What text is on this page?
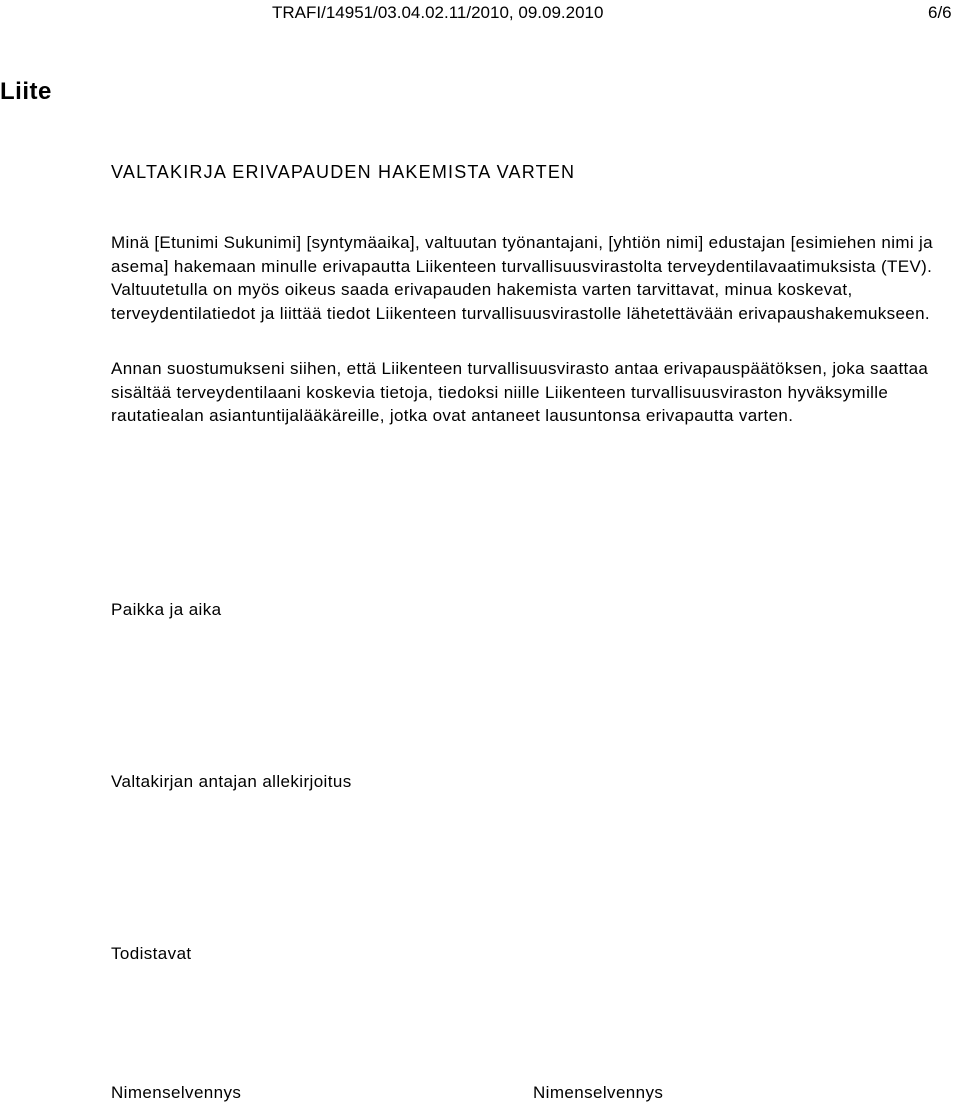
TRAFI/14951/03.04.02.11/2010, 09.09.2010	6/6
Liite
VALTAKIRJA ERIVAPAUDEN HAKEMISTA VARTEN
Minä [Etunimi Sukunimi] [syntymäaika], valtuutan työnantajani, [yhtiön nimi] edustajan [esimiehen nimi ja asema] hakemaan minulle erivapautta Liikenteen turvallisuusvirastolta terveydentilavaatimuksista (TEV). Valtuutetulla on myös oikeus saada erivapauden hakemista varten tarvittavat, minua koskevat, terveydentilatiedot ja liittää tiedot Liikenteen turvallisuusvirastolle lähetettävään erivapaushakemukseen.
Annan suostumukseni siihen, että Liikenteen turvallisuusvirasto antaa erivapauspäätöksen, joka saattaa sisältää terveydentilaani koskevia tietoja, tiedoksi niille Liikenteen turvallisuusviraston hyväksymille rautatiealan asiantuntijalääkäreille, jotka ovat antaneet lausuntonsa erivapautta varten.
Paikka ja aika
Valtakirjan antajan allekirjoitus
Todistavat
Nimenselvennys	Nimenselvennys
